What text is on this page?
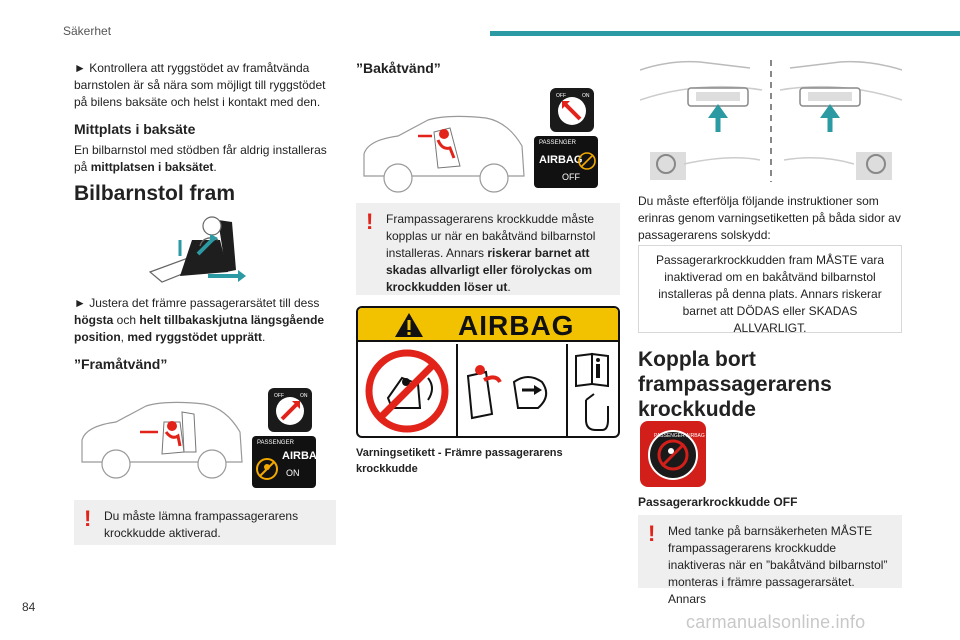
Säkerhet
► Kontrollera att ryggstödet av framåtvända barnstolen är så nära som möjligt till ryggstödet på bilens baksäte och helst i kontakt med den.
Mittplats i baksäte
En bilbarnstol med stödben får aldrig installeras på mittplatsen i baksätet.
Bilbarnstol fram
► Justera det främre passagerarsätet till dess högsta och helt tillbakaskjutna längsgående position, med ryggstödet upprätt.
”Framåtvänd”
OFF	ON
PASSENGER
AIRBAG
ON
! Du måste lämna frampassagerarens krockkudde aktiverad.
”Bakåtvänd”
OFF	ON
PASSENGER
AIRBAG
OFF
! Frampassagerarens krockkudde måste kopplas ur när en bakåtvänd bilbarnstol installeras. Annars riskerar barnet att skadas allvarligt eller förolyckas om krockkudden löser ut.
AIRBAG
Varningsetikett - Främre passagerarens krockkudde
Du måste efterfölja följande instruktioner som erinras genom varningsetiketten på båda sidor av passagerarens solskydd:
Passagerarkrockkudden fram MÅSTE vara inaktiverad om en bakåtvänd bilbarnstol installeras på denna plats. Annars riskerar barnet att DÖDAS eller SKADAS ALLVARLIGT.
Koppla bort frampassagerarens krockkudde
PASSENGER AIRBAG
Passagerarkrockkudde OFF
! Med tanke på barnsäkerheten MÅSTE frampassagerarens krockkudde inaktiveras när en ”bakåtvänd bilbarnstol” monteras i främre passagerarsätet. Annars
84
carmanualsonline.info
